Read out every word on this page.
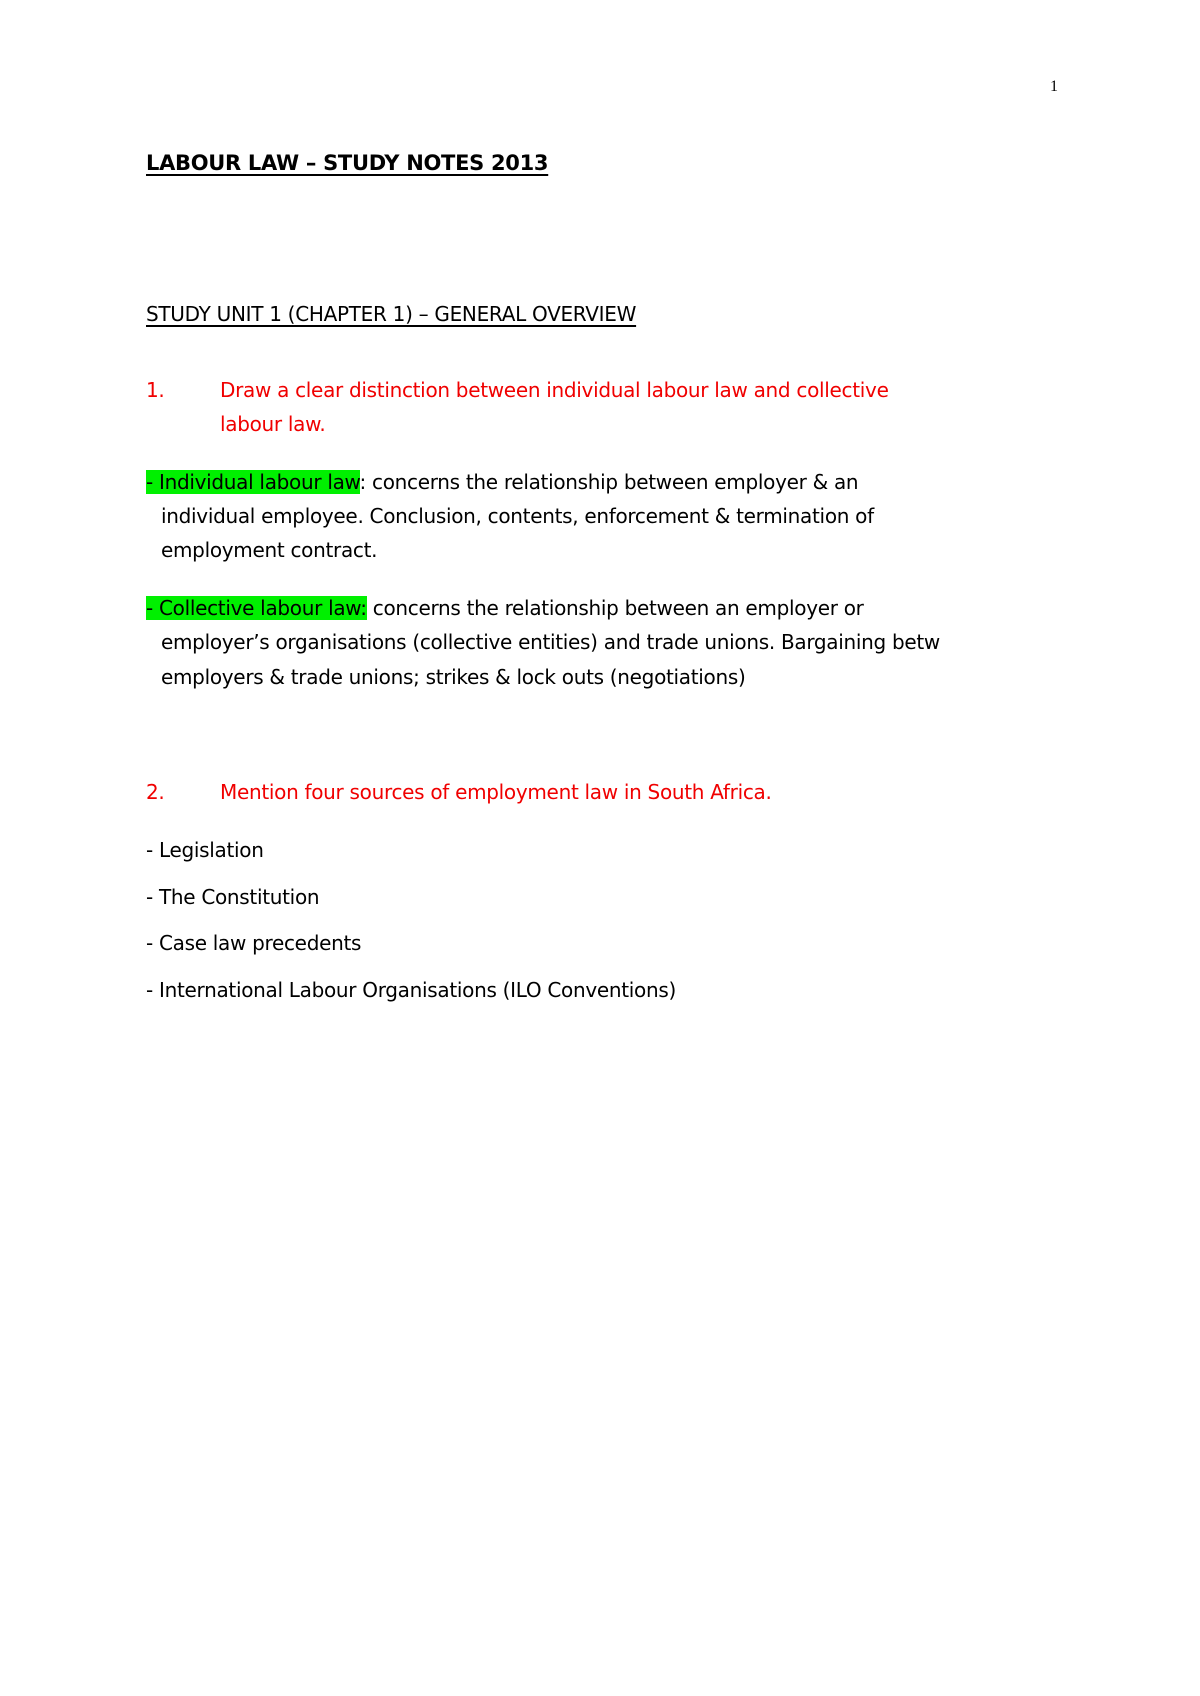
1
LABOUR LAW – STUDY NOTES 2013
STUDY UNIT 1 (CHAPTER 1) – GENERAL OVERVIEW
1.	Draw a clear distinction between individual labour law and collective
labour law.
- Individual labour law: concerns the relationship between employer & an
individual employee. Conclusion, contents, enforcement & termination of
employment contract.
- Collective labour law: concerns the relationship between an employer or
employer’s organisations (collective entities) and trade unions. Bargaining betw
employers & trade unions; strikes & lock outs (negotiations)
2.	Mention four sources of employment law in South Africa.
- Legislation
- The Constitution
- Case law precedents
- International Labour Organisations (ILO Conventions)
